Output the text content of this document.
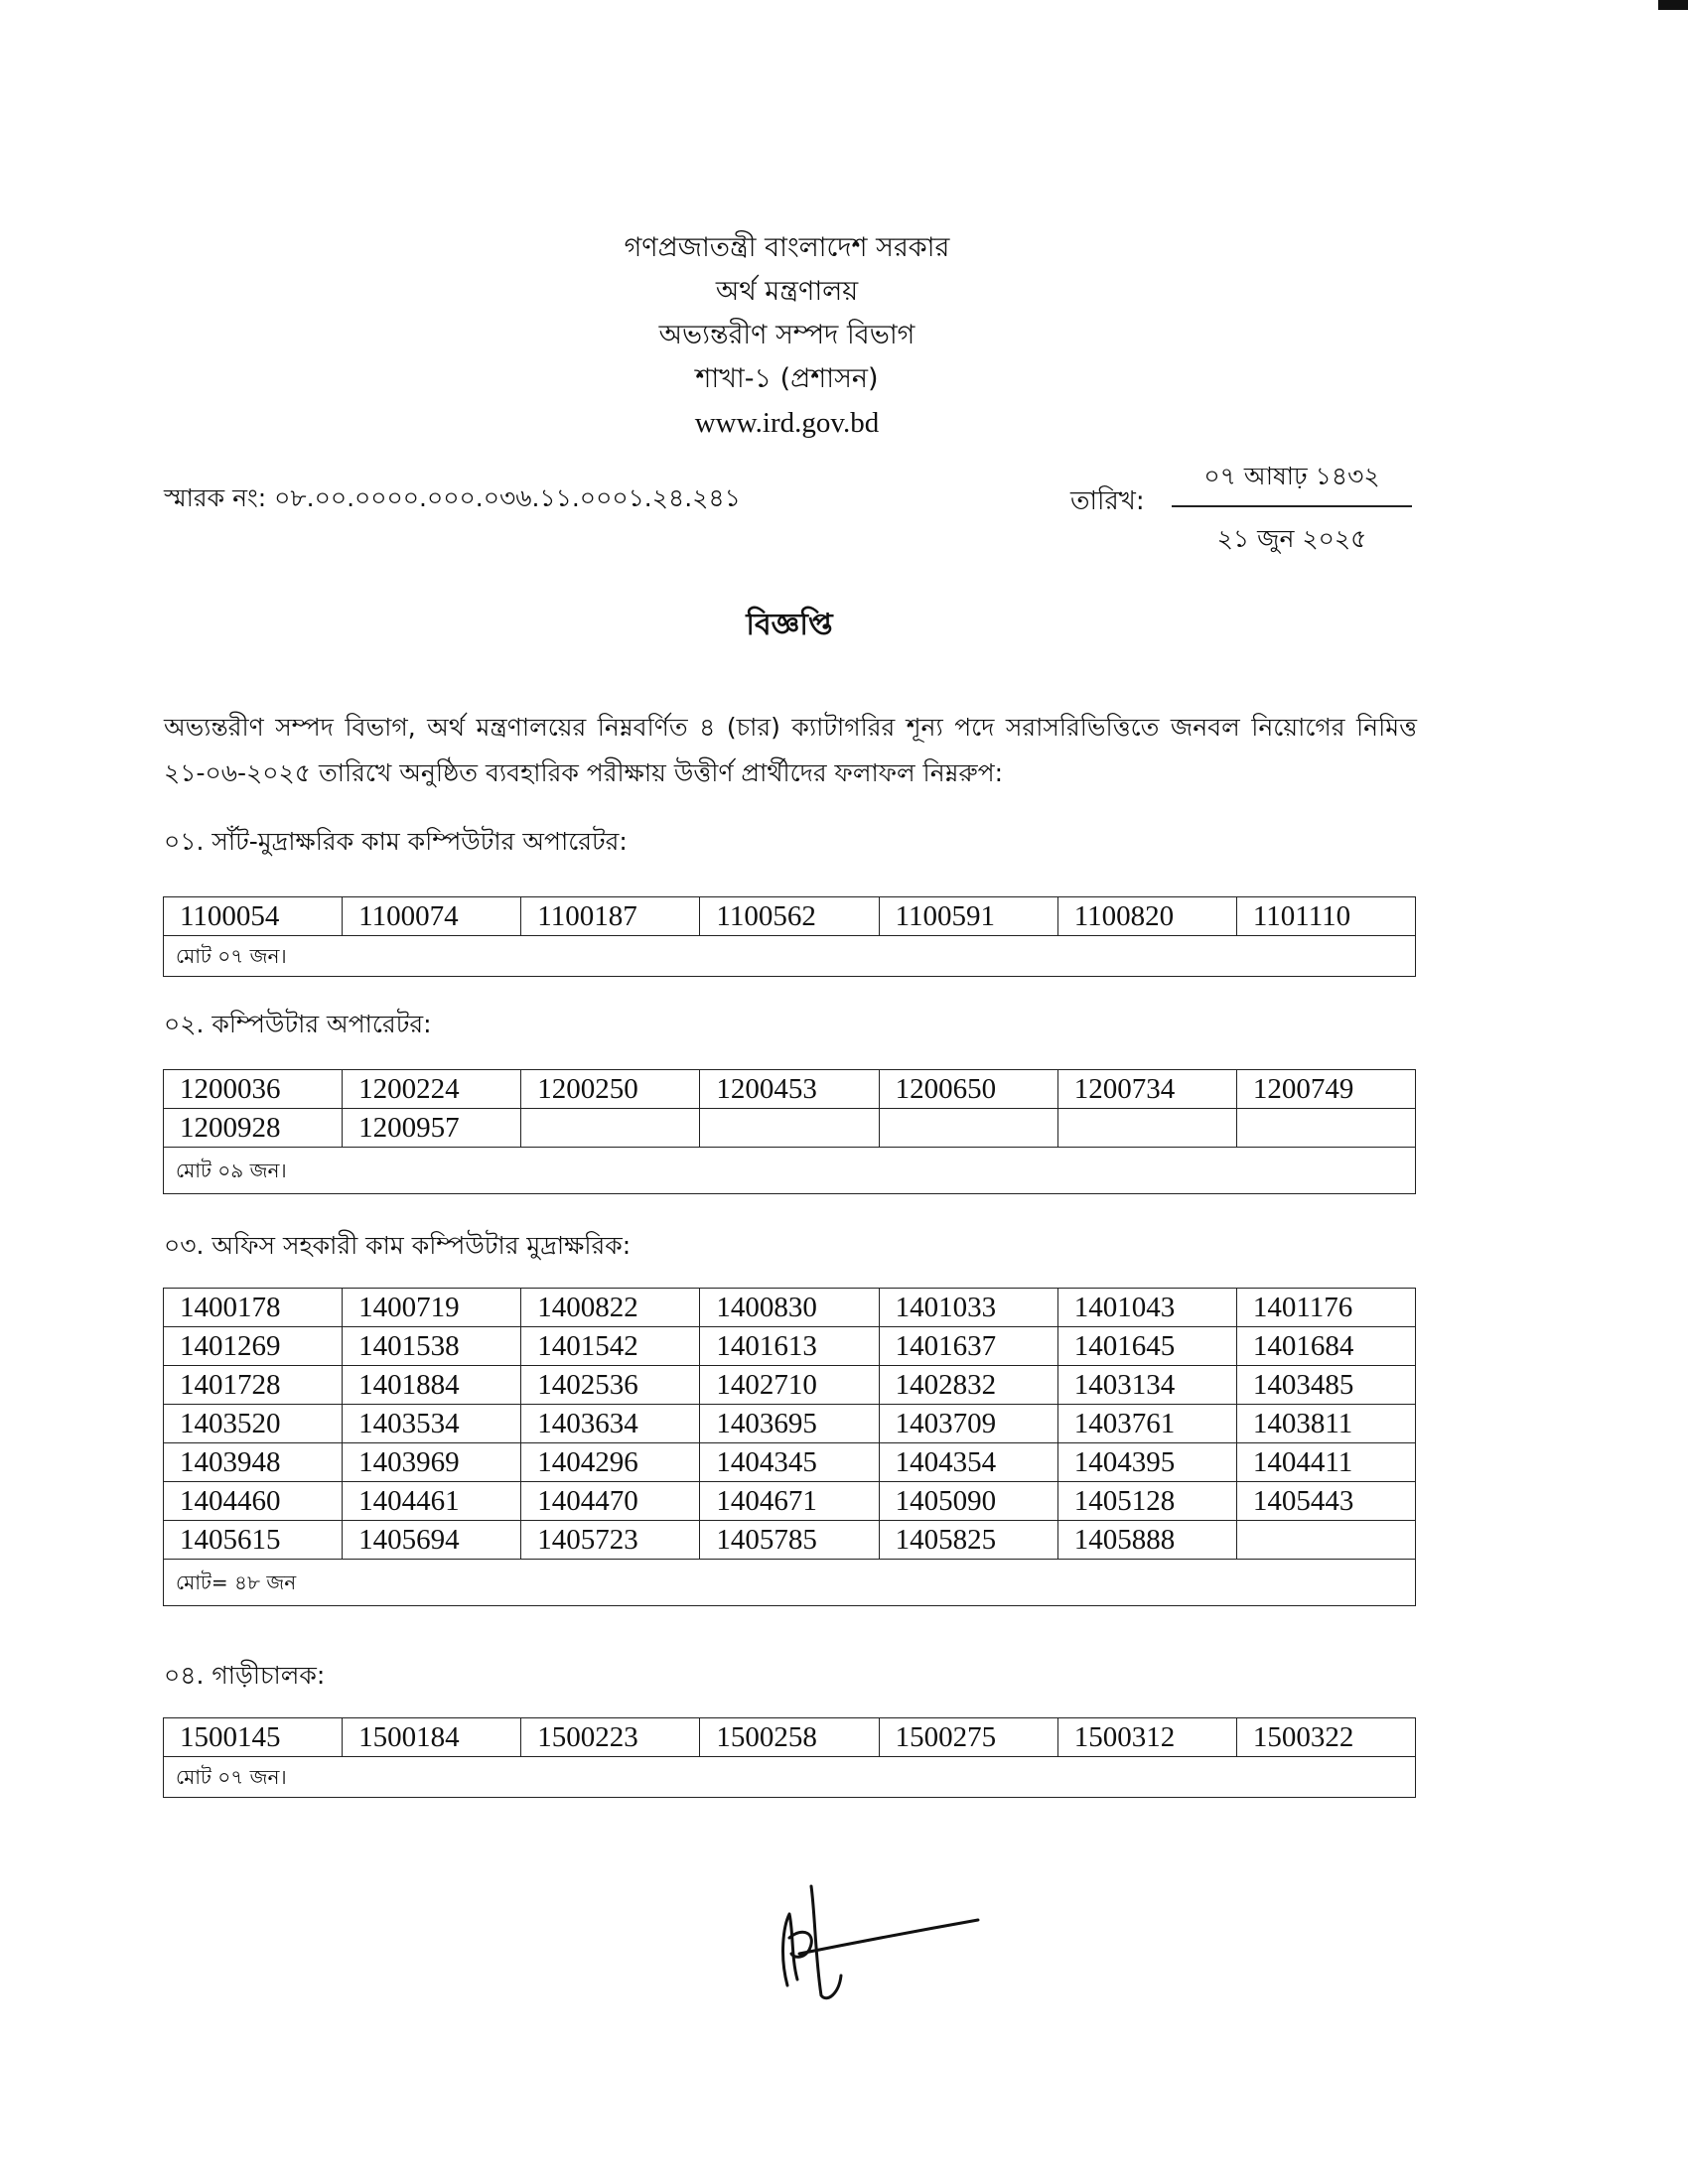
গণপ্রজাতন্ত্রী বাংলাদেশ সরকার
অর্থ মন্ত্রণালয়
অভ্যন্তরীণ সম্পদ বিভাগ
শাখা-১ (প্রশাসন)
www.ird.gov.bd
স্মারক নং: ০৮.০০.০০০০.০০০.০৩৬.১১.০০০১.২৪.২৪১	তারিখ:
০৭ আষাঢ় ১৪৩২
২১ জুন ২০২৫
বিজ্ঞপ্তি
অভ্যন্তরীণ সম্পদ বিভাগ, অর্থ মন্ত্রণালয়ের নিম্নবর্ণিত ৪ (চার) ক্যাটাগরির শূন্য পদে সরাসরিভিত্তিতে জনবল নিয়োগের নিমিত্ত ২১-০৬-২০২৫ তারিখে অনুষ্ঠিত ব্যবহারিক পরীক্ষায় উত্তীর্ণ প্রার্থীদের ফলাফল নিম্নরুপ:
০১. সাঁট-মুদ্রাক্ষরিক কাম কম্পিউটার অপারেটর:
1100054	1100074	1100187	1100562	1100591	1100820	1101110
মোট ০৭ জন।
০২. কম্পিউটার অপারেটর:
1200036	1200224	1200250	1200453	1200650	1200734	1200749
1200928	1200957					
মোট ০৯ জন।						
০৩. অফিস সহকারী কাম কম্পিউটার মুদ্রাক্ষরিক:
1400178	1400719	1400822	1400830	1401033	1401043	1401176
1401269	1401538	1401542	1401613	1401637	1401645	1401684
1401728	1401884	1402536	1402710	1402832	1403134	1403485
1403520	1403534	1403634	1403695	1403709	1403761	1403811
1403948	1403969	1404296	1404345	1404354	1404395	1404411
1404460	1404461	1404470	1404671	1405090	1405128	1405443
1405615	1405694	1405723	1405785	1405825	1405888	
মোট= ৪৮ জন						
০৪. গাড়ীচালক:
1500145	1500184	1500223	1500258	1500275	1500312	1500322
মোট ০৭ জন।
